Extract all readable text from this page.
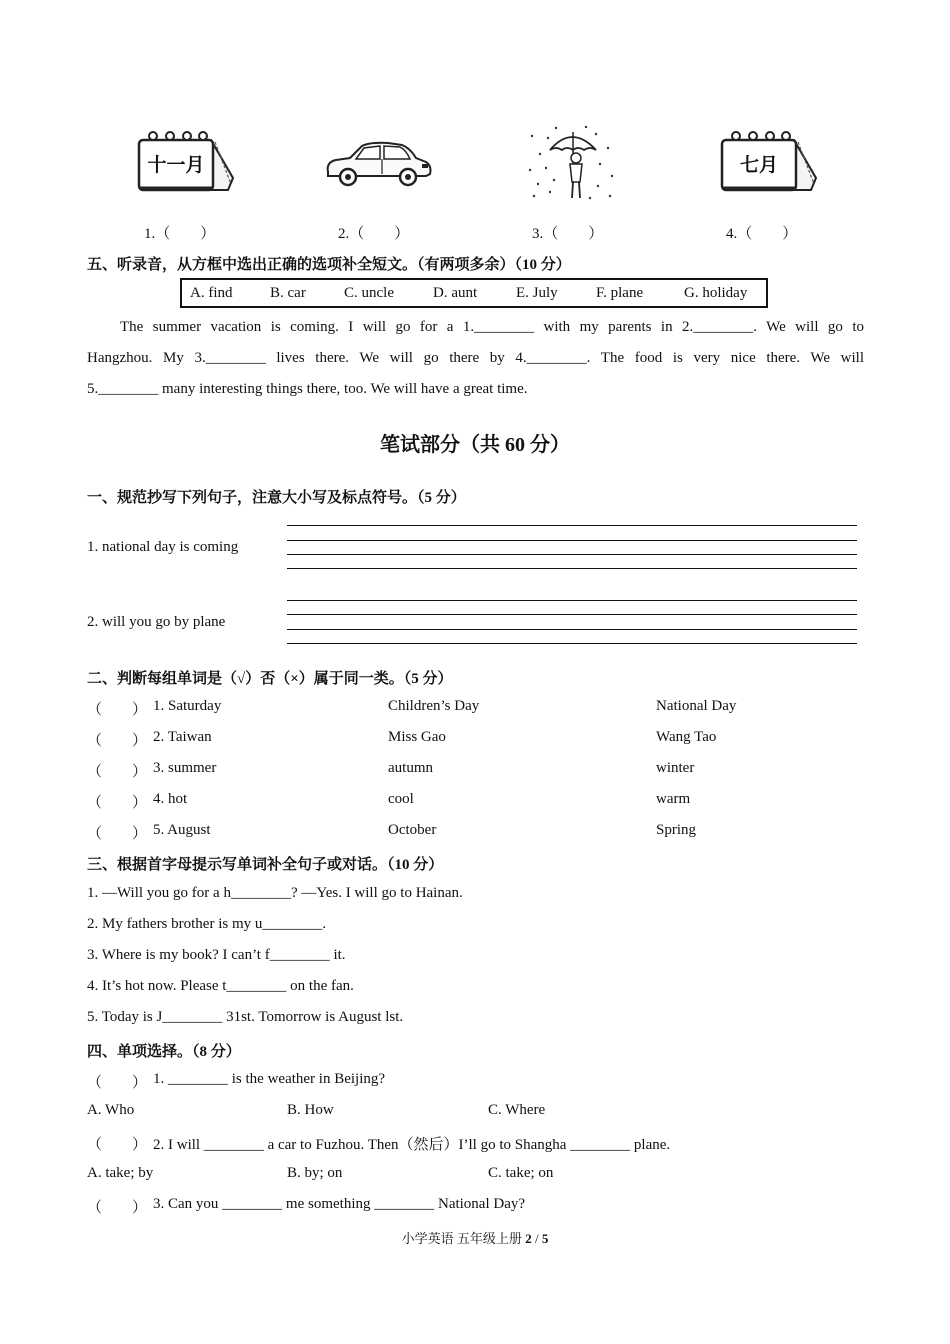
十一月	七月
1.（　　）	2.（　　）	3.（　　）	4.（　　）
五、听录音，从方框中选出正确的选项补全短文。（有两项多余）（10 分）
A. find	B. car	C. uncle	D. aunt	E. July	F. plane	G. holiday
The summer vacation is coming. I will go for a 1.________ with my parents in 2.________. We will go to
Hangzhou. My 3.________ lives there. We will go there by 4.________. The food is very nice there. We will
5.________ many interesting things there, too. We will have a great time.
笔试部分（共 60 分）
一、规范抄写下列句子，注意大小写及标点符号。（5 分）
1. national day is coming
2. will you go by plane
二、判断每组单词是（√）否（×）属于同一类。（5 分）
（　　） 1. Saturday	Children’s Day	National Day
（　　） 2. Taiwan	Miss Gao	Wang Tao
（　　） 3. summer	autumn	winter
（　　） 4. hot	cool	warm
（　　） 5. August	October	Spring
三、根据首字母提示写单词补全句子或对话。（10 分）
1. —Will you go for a h________? —Yes. I will go to Hainan.
2. My fathers brother is my u________.
3. Where is my book? I can’t f________ it.
4. It’s hot now. Please t________ on the fan.
5. Today is J________ 31st. Tomorrow is August lst.
四、单项选择。（8 分）
（　　） 1. ________ is the weather in Beijing?
A. Who	B. How	C. Where
（　　） 2. I will ________ a car to Fuzhou. Then（然后）I’ll go to Shangha ________ plane.
A. take; by	B. by; on	C. take; on
（　　） 3. Can you ________ me something ________ National Day?
小学英语 五年级上册 2 / 5
